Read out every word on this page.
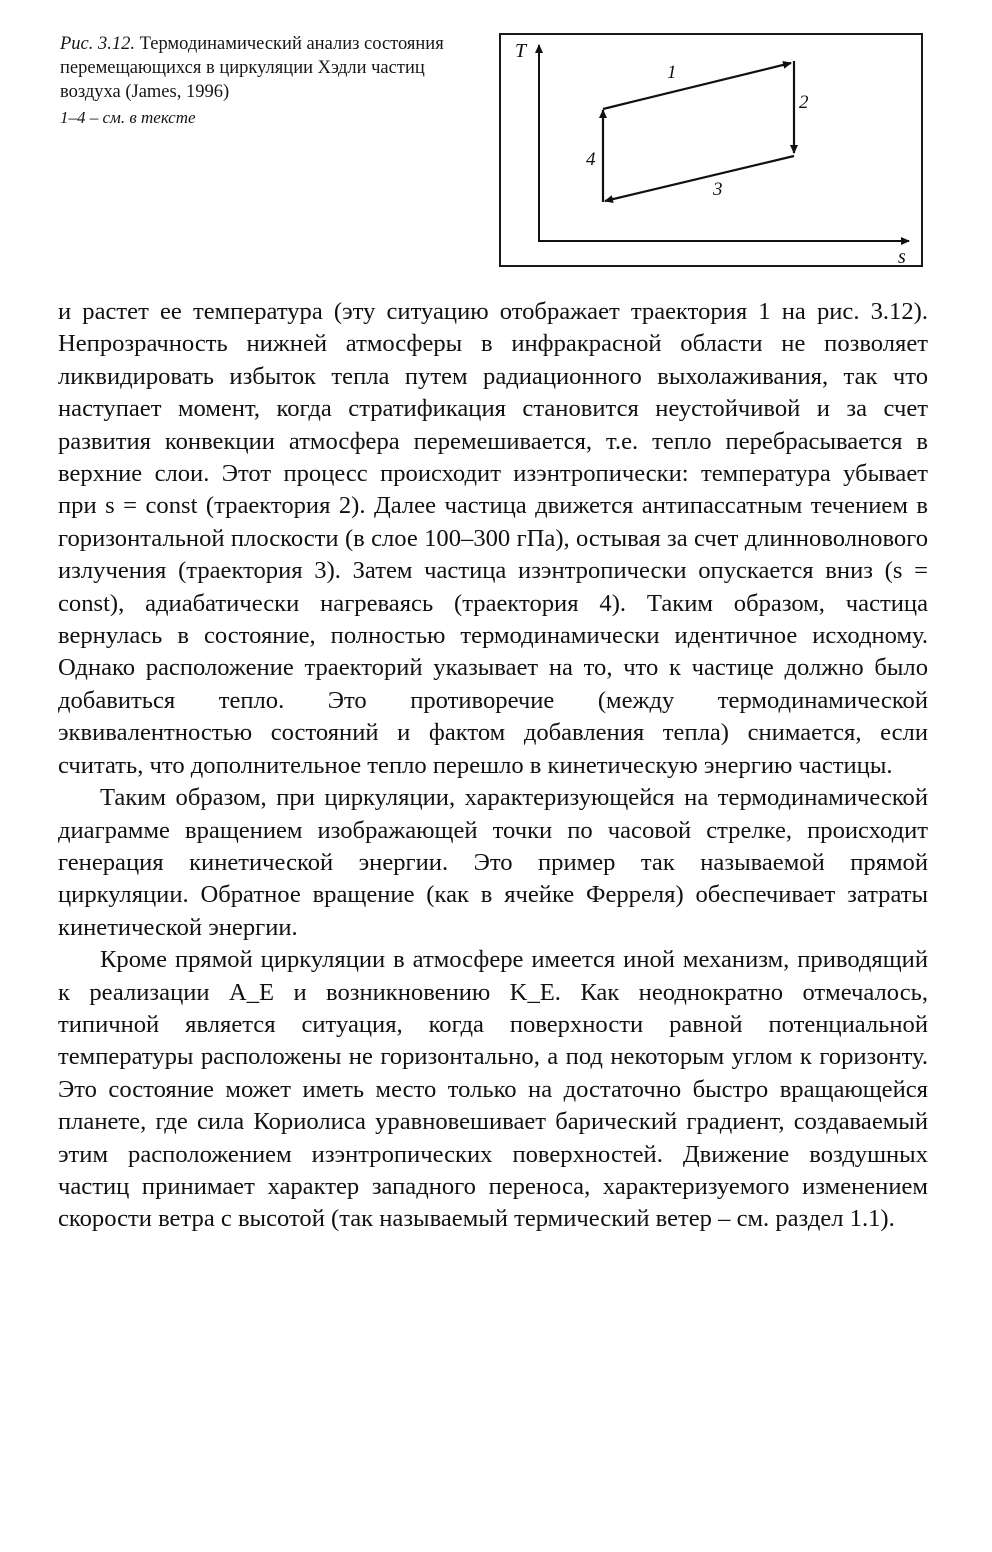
Рис. 3.12. Термодинамический анализ состояния перемещающихся в циркуляции Хэдли частиц воздуха (James, 1996)
1–4 – см. в тексте
T
s
1
2
3
4

и растет ее температура (эту ситуацию отображает траектория 1 на рис. 3.12). Непрозрачность нижней атмосферы в инфракрасной области не позволяет ликвидировать избыток тепла путем радиационного выхолаживания, так что наступает момент, когда стратификация становится неустойчивой и за счет развития конвекции атмосфера перемешивается, т.е. тепло перебрасывается в верхние слои. Этот процесс происходит изэнтропически: температура убывает при s = const (траектория 2). Далее частица движется антипассатным течением в горизонтальной плоскости (в слое 100–300 гПа), остывая за счет длинноволнового излучения (траектория 3). Затем частица изэнтропически опускается вниз (s = const), адиабатически нагреваясь (траектория 4). Таким образом, частица вернулась в состояние, полностью термодинамически идентичное исходному. Однако расположение траекторий указывает на то, что к частице должно было добавиться тепло. Это противоречие (между термодинамической эквивалентностью состояний и фактом добавления тепла) снимается, если считать, что дополнительное тепло перешло в кинетическую энергию частицы.

Таким образом, при циркуляции, характеризующейся на термодинамической диаграмме вращением изображающей точки по часовой стрелке, происходит генерация кинетической энергии. Это пример так называемой прямой циркуляции. Обратное вращение (как в ячейке Ферреля) обеспечивает затраты кинетической энергии.

Кроме прямой циркуляции в атмосфере имеется иной механизм, приводящий к реализации A_E и возникновению K_E. Как неоднократно отмечалось, типичной является ситуация, когда поверхности равной потенциальной температуры расположены не горизонтально, а под некоторым углом к горизонту. Это состояние может иметь место только на достаточно быстро вращающейся планете, где сила Кориолиса уравновешивает барический градиент, создаваемый этим расположением изэнтропических поверхностей. Движение воздушных частиц принимает характер западного переноса, характеризуемого изменением скорости ветра с высотой (так называемый термический ветер – см. раздел 1.1).
